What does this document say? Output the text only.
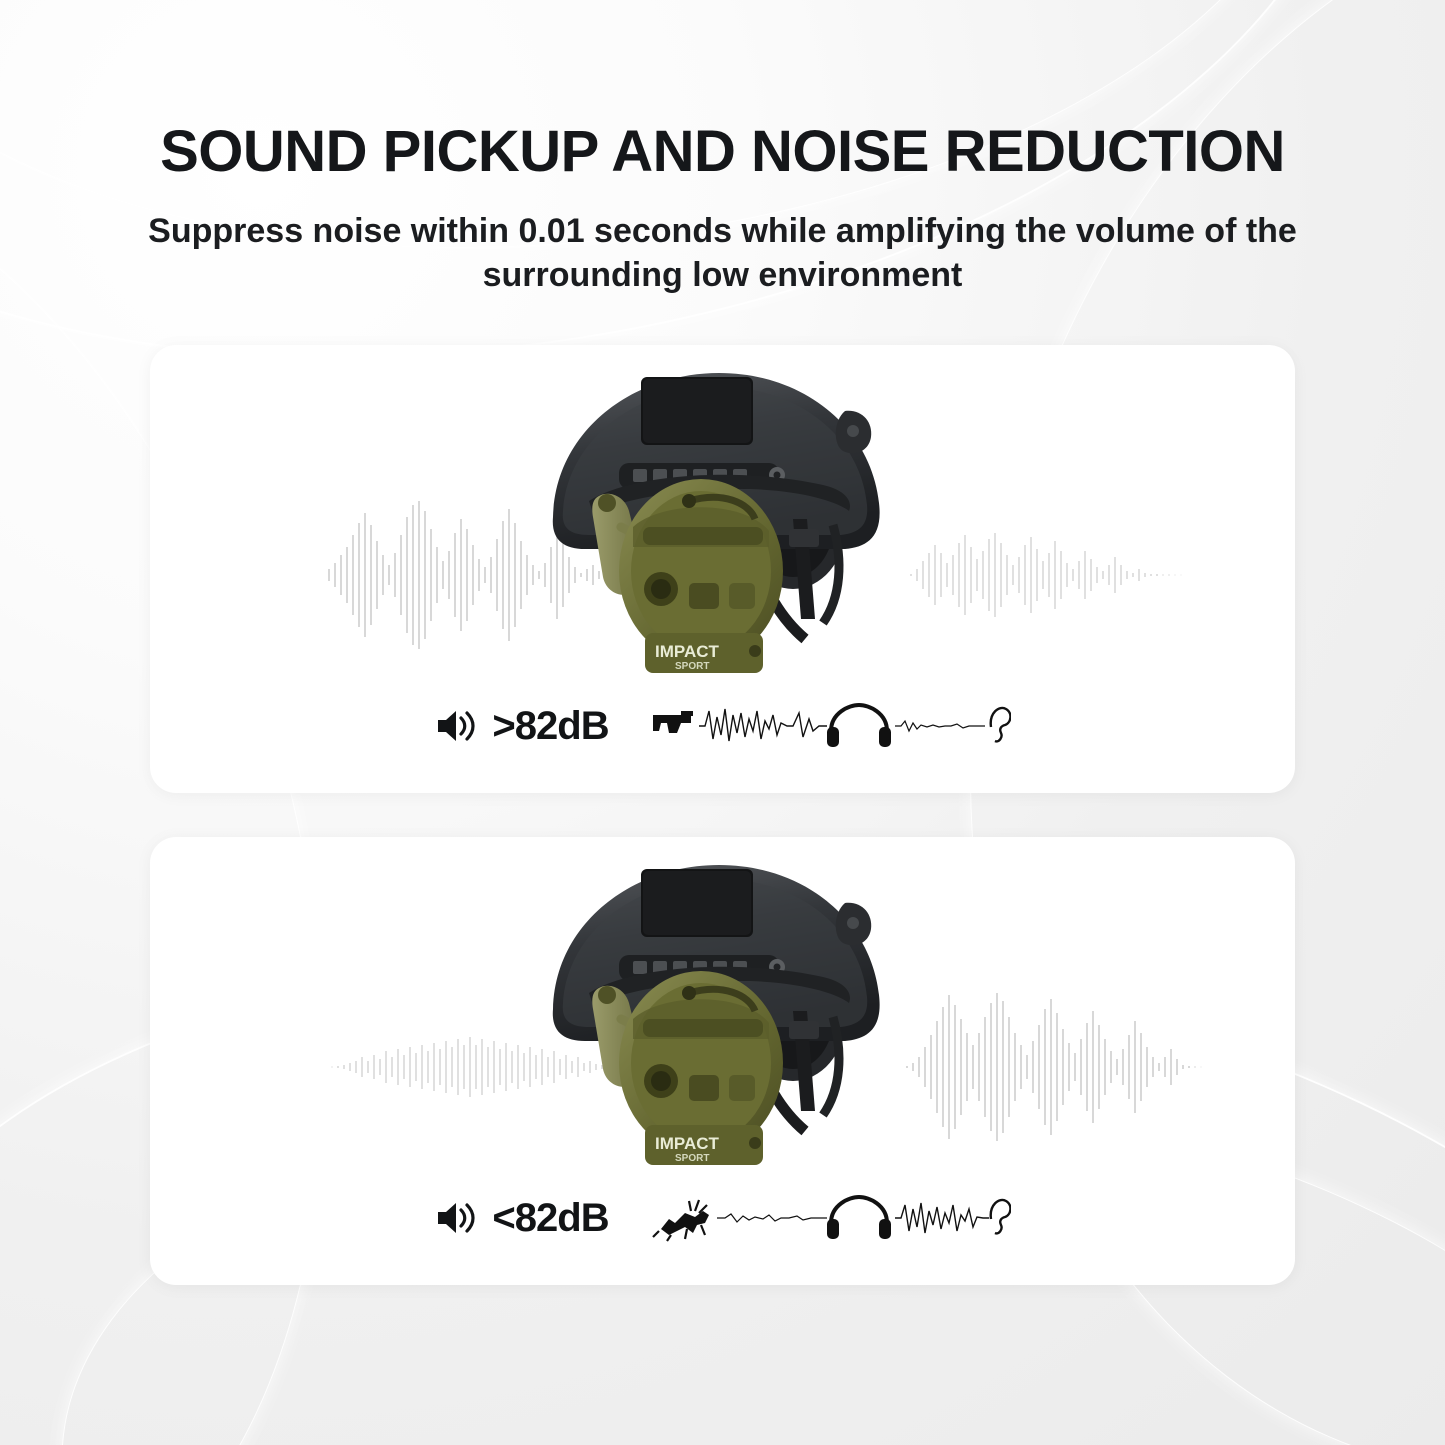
SOUND PICKUP AND NOISE REDUCTION

Suppress noise within 0.01 seconds while amplifying the volume of the surrounding low environment

IMPACT
SPORT
>82dB
IMPACT
SPORT
<82dB
